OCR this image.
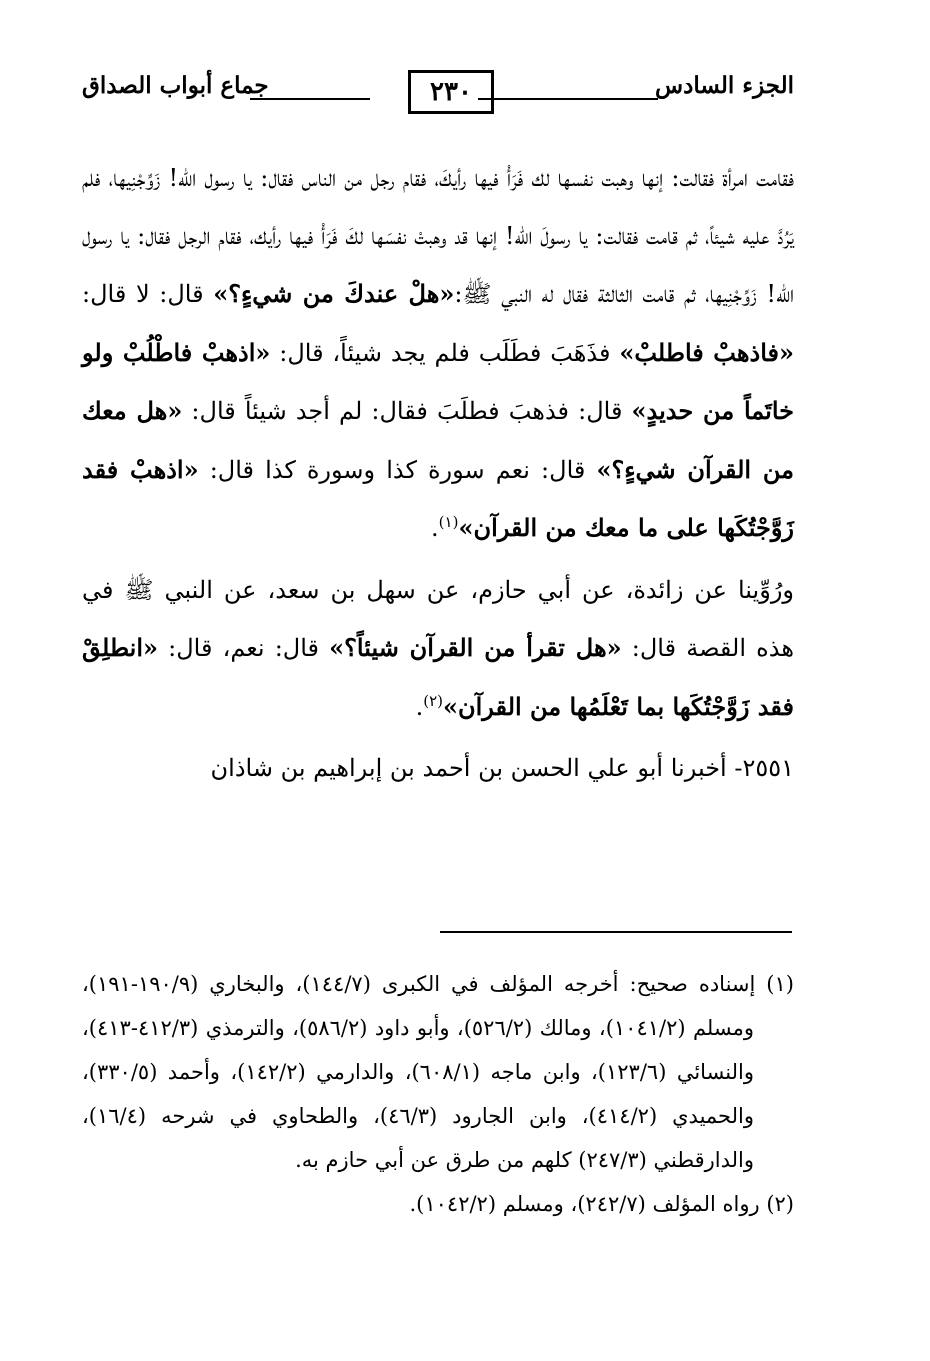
الجزء السادس
٢٣٠
جماع أبواب الصداق

فقامت امرأة فقالت: إنها وهبت نفسها لك فَرَأْ فيها رأيكَ، فقام رجل من الناس فقال: يا رسول الله! زَوِّجْنِيها، فلم يَرُدَّ عليه شيئاً، ثم قامت فقالت: يا رسولَ الله! إنها قد وهبتْ نفسَها لكَ فَرَأْ فيها رأيك، فقام الرجل فقال: يا رسول الله! زَوِّجْنِيها، ثم قامت الثالثة فقال له النبي ﷺ:«هلْ عندكَ من شيءٍ؟» قال: لا قال: «فاذهبْ فاطلبْ» فذَهَبَ فطَلَب فلم يجد شيئاً، قال: «اذهبْ فاطْلُبْ ولو خاتَماً من حديدٍ» قال: فذهبَ فطلَبَ فقال: لم أجد شيئاً قال: «هل معك من القرآن شيءٍ؟» قال: نعم سورة كذا وسورة كذا قال: «اذهبْ فقد زَوَّجْتُكَها على ما معك من القرآن»$^{(١)}$.

ورُوِّينا عن زائدة، عن أبي حازم، عن سهل بن سعد، عن النبي ﷺ في هذه القصة قال: «هل تقرأ من القرآن شيئاً؟» قال: نعم، قال: «انطلِقْ فقد زَوَّجْتُكَها بما تَعْلَمُها من القرآن»$^{(٢)}$.

٢٥٥١- أخبرنا أبو علي الحسن بن أحمد بن إبراهيم بن شاذان

(١) إسناده صحيح: أخرجه المؤلف في الكبرى (١٤٤/٧)، والبخاري (١٩٠/٩-١٩١)، ومسلم (١٠٤١/٢)، ومالك (٥٢٦/٢)، وأبو داود (٥٨٦/٢)، والترمذي (٤١٢/٣-٤١٣)، والنسائي (١٢٣/٦)، وابن ماجه (٦٠٨/١)، والدارمي (١٤٢/٢)، وأحمد (٣٣٠/٥)، والحميدي (٤١٤/٢)، وابن الجارود (٤٦/٣)، والطحاوي في شرحه (١٦/٤)، والدارقطني (٢٤٧/٣) كلهم من طرق عن أبي حازم به.

(٢) رواه المؤلف (٢٤٢/٧)، ومسلم (١٠٤٢/٢).
